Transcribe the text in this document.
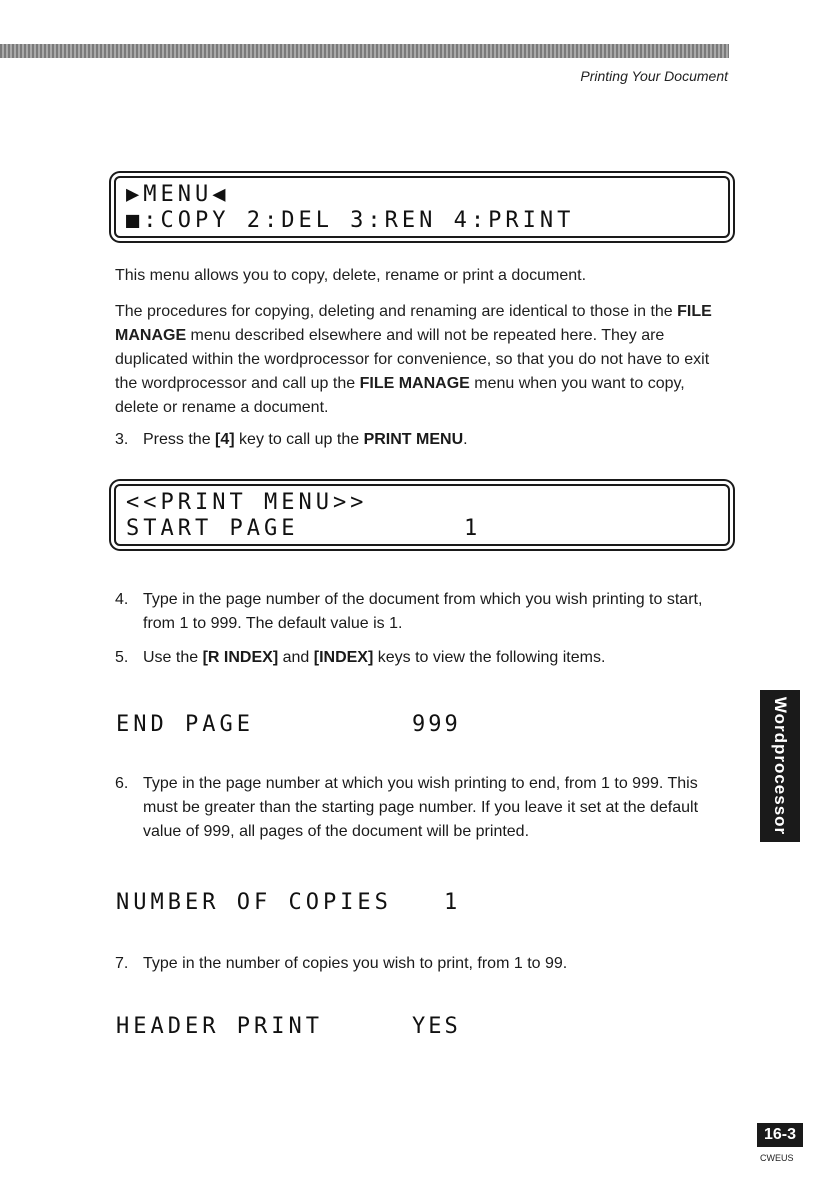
Printing Your Document
▶MENU◀
■:COPY 2:DEL 3:REN 4:PRINT
This menu allows you to copy, delete, rename or print a document.
The procedures for copying, deleting and renaming are identical to those in the FILE MANAGE menu described elsewhere and will not be repeated here. They are duplicated within the wordprocessor for convenience, so that you do not have to exit the wordprocessor and call up the FILE MANAGE menu when you want to copy, delete or rename a document.
3. Press the [4] key to call up the PRINT MENU.
<<PRINT MENU>>
START PAGE	1
4. Type in the page number of the document from which you wish printing to start, from 1 to 999. The default value is 1.
5. Use the [R INDEX] and [INDEX] keys to view the following items.
END PAGE	999
6. Type in the page number at which you wish printing to end, from 1 to 999. This must be greater than the starting page number. If you leave it set at the default value of 999, all pages of the document will be printed.
NUMBER OF COPIES 1
7. Type in the number of copies you wish to print, from 1 to 99.
HEADER PRINT	YES
Wordprocessor
16-3
CWEUS
